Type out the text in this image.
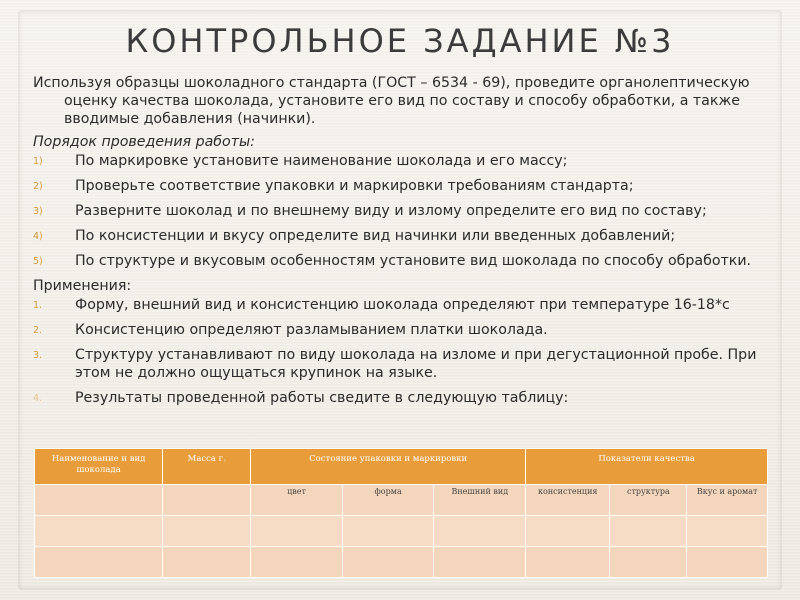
КОНТРОЛЬНОЕ ЗАДАНИЕ №3
Используя образцы шоколадного стандарта (ГОСТ – 6534 - 69), проведите органолептическую
оценку качества шоколада, установите его вид по составу и способу обработки, а также
вводимые добавления (начинки).
Порядок проведения работы:
1) По маркировке установите наименование шоколада и его массу;
2) Проверьте соответствие упаковки и маркировки требованиям стандарта;
3) Разверните шоколад и по внешнему виду и излому определите его вид по составу;
4) По консистенции и вкусу определите вид начинки или введенных добавлений;
5) По структуре и вкусовым особенностям установите вид шоколада по способу обработки.
Применения:
1. Форму, внешний вид и консистенцию шоколада определяют при температуре 16-18*с
2. Консистенцию определяют разламыванием платки шоколада.
3. Структуру устанавливают по виду шоколада на изломе и при дегустационной пробе. При этом не должно ощущаться крупинок на языке.
4. Результаты проведенной работы сведите в следующую таблицу:
Наименование и вид шоколада	Масса г.	Состояние упаковки и маркировки			Показатели качества		
		цвет	форма	Внешний вид	консистенция	структура	Вкус и аромат
